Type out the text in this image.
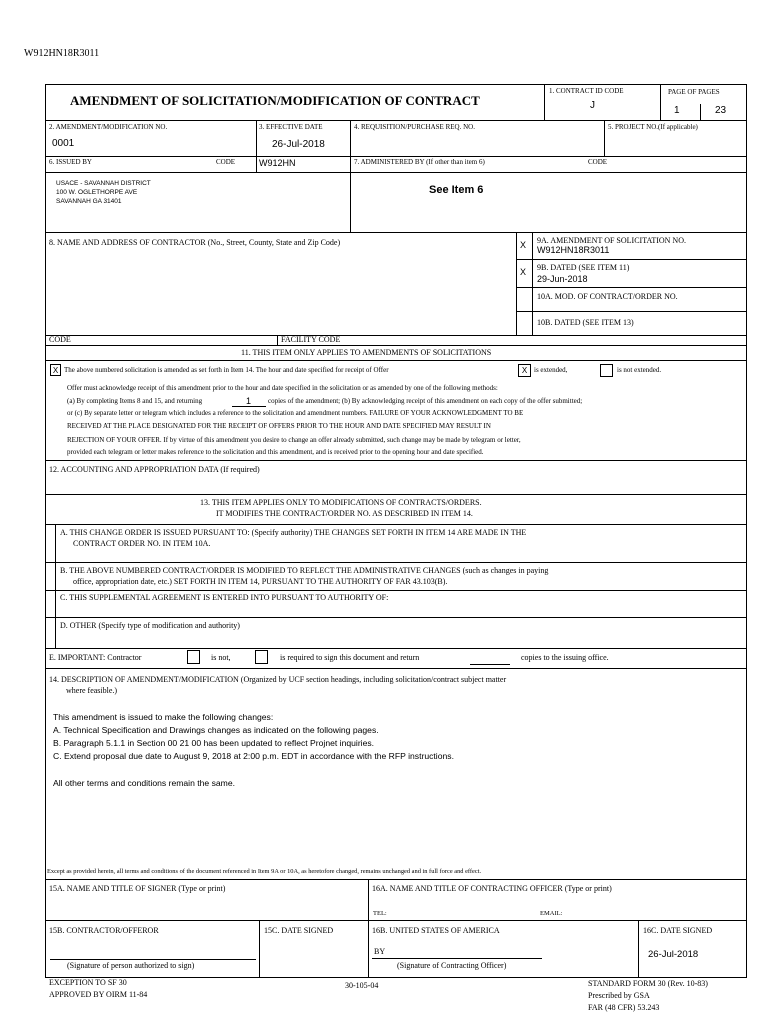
W912HN18R3011
AMENDMENT OF SOLICITATION/MODIFICATION OF CONTRACT
1. CONTRACT ID CODE
J
PAGE OF PAGES
1	23
2. AMENDMENT/MODIFICATION NO.
0001
3. EFFECTIVE DATE
26-Jul-2018
4. REQUISITION/PURCHASE REQ. NO.	5. PROJECT NO.(If applicable)
6. ISSUED BY	CODE	W912HN	7. ADMINISTERED BY (If other than item 6)	CODE
USACE - SAVANNAH DISTRICT
100 W. OGLETHORPE AVE
SAVANNAH GA 31401
See Item 6
8. NAME AND ADDRESS OF CONTRACTOR (No., Street, County, State and Zip Code)
CODE	FACILITY CODE
X 9A. AMENDMENT OF SOLICITATION NO.
W912HN18R3011
X 9B. DATED (SEE ITEM 11)
29-Jun-2018
10A. MOD. OF CONTRACT/ORDER NO.
10B. DATED (SEE ITEM 13)
11. THIS ITEM ONLY APPLIES TO AMENDMENTS OF SOLICITATIONS
X The above numbered solicitation is amended as set forth in Item 14. The hour and date specified for receipt of Offer	X is extended,	is not extended.
Offer must acknowledge receipt of this amendment prior to the hour and date specified in the solicitation or as amended by one of the following methods:
(a) By completing Items 8 and 15, and returning	1 copies of the amendment; (b) By acknowledging receipt of this amendment on each copy of the offer submitted;
or (c) By separate letter or telegram which includes a reference to the solicitation and amendment numbers. FAILURE OF YOUR ACKNOWLEDGMENT TO BE
RECEIVED AT THE PLACE DESIGNATED FOR THE RECEIPT OF OFFERS PRIOR TO THE HOUR AND DATE SPECIFIED MAY RESULT IN
REJECTION OF YOUR OFFER. If by virtue of this amendment you desire to change an offer already submitted, such change may be made by telegram or letter,
provided each telegram or letter makes reference to the solicitation and this amendment, and is received prior to the opening hour and date specified.
12. ACCOUNTING AND APPROPRIATION DATA (If required)
13. THIS ITEM APPLIES ONLY TO MODIFICATIONS OF CONTRACTS/ORDERS.
IT MODIFIES THE CONTRACT/ORDER NO. AS DESCRIBED IN ITEM 14.
A. THIS CHANGE ORDER IS ISSUED PURSUANT TO: (Specify authority) THE CHANGES SET FORTH IN ITEM 14 ARE MADE IN THE
CONTRACT ORDER NO. IN ITEM 10A.
B. THE ABOVE NUMBERED CONTRACT/ORDER IS MODIFIED TO REFLECT THE ADMINISTRATIVE CHANGES (such as changes in paying
office, appropriation date, etc.) SET FORTH IN ITEM 14, PURSUANT TO THE AUTHORITY OF FAR 43.103(B).
C. THIS SUPPLEMENTAL AGREEMENT IS ENTERED INTO PURSUANT TO AUTHORITY OF:
D. OTHER (Specify type of modification and authority)
E. IMPORTANT: Contractor	is not,	is required to sign this document and return	copies to the issuing office.
14. DESCRIPTION OF AMENDMENT/MODIFICATION (Organized by UCF section headings, including solicitation/contract subject matter
where feasible.)
This amendment is issued to make the following changes:
A. Technical Specification and Drawings changes as indicated on the following pages.
B. Paragraph 5.1.1 in Section 00 21 00 has been updated to reflect Projnet inquiries.
C. Extend proposal due date to August 9, 2018 at 2:00 p.m. EDT in accordance with the RFP instructions.
All other terms and conditions remain the same.
Except as provided herein, all terms and conditions of the document referenced in Item 9A or 10A, as heretofore changed, remains unchanged and in full force and effect.
15A. NAME AND TITLE OF SIGNER (Type or print)	16A. NAME AND TITLE OF CONTRACTING OFFICER (Type or print)
TEL:	EMAIL:
15B. CONTRACTOR/OFFEROR	15C. DATE SIGNED	16B. UNITED STATES OF AMERICA	16C. DATE SIGNED
(Signature of person authorized to sign)
BY
(Signature of Contracting Officer)
26-Jul-2018
EXCEPTION TO SF 30
APPROVED BY OIRM 11-84
30-105-04	STANDARD FORM 30 (Rev. 10-83)
Prescribed by GSA
FAR (48 CFR) 53.243
